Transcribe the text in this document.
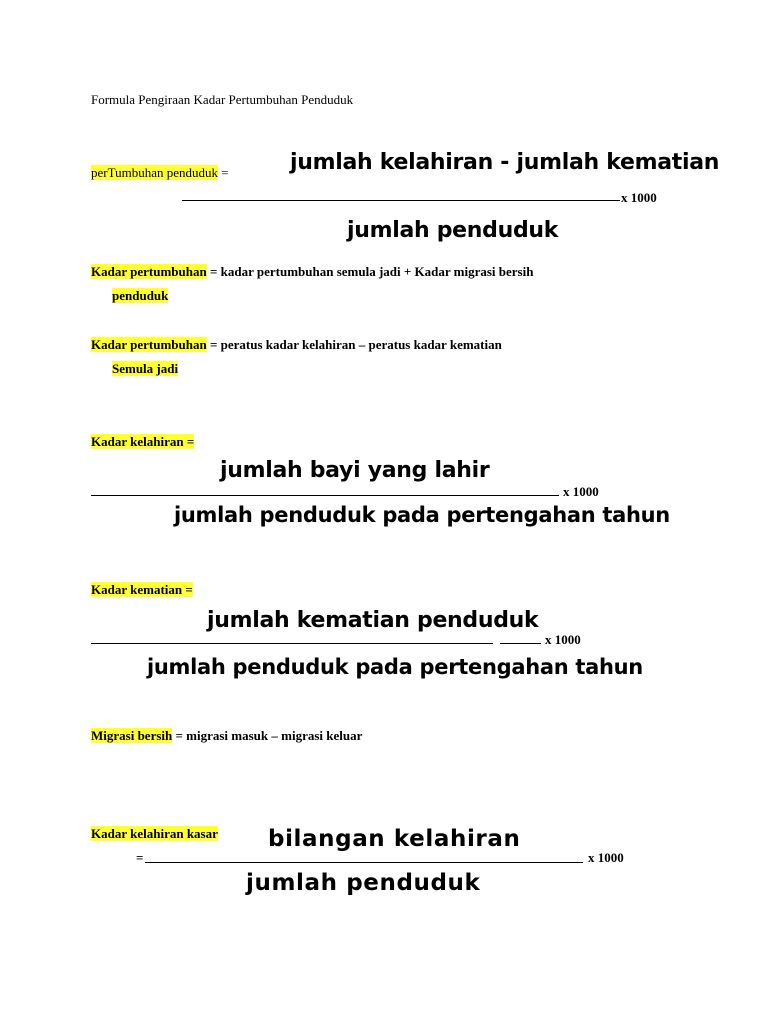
Formula Pengiraan Kadar Pertumbuhan Penduduk
perTumbuhan penduduk =	jumlah kelahiran - jumlah kematian
x 1000
jumlah penduduk
Kadar pertumbuhan = kadar pertumbuhan semula jadi + Kadar migrasi bersih
penduduk
Kadar pertumbuhan = peratus kadar kelahiran – peratus kadar kematian
Semula jadi
Kadar kelahiran =
jumlah bayi yang lahir
x 1000
jumlah penduduk pada pertengahan tahun
Kadar kematian =
jumlah kematian penduduk
x 1000
jumlah penduduk pada pertengahan tahun
Migrasi bersih = migrasi masuk – migrasi keluar
Kadar kelahiran kasar bilangan kelahiran
=	x 1000
jumlah penduduk
